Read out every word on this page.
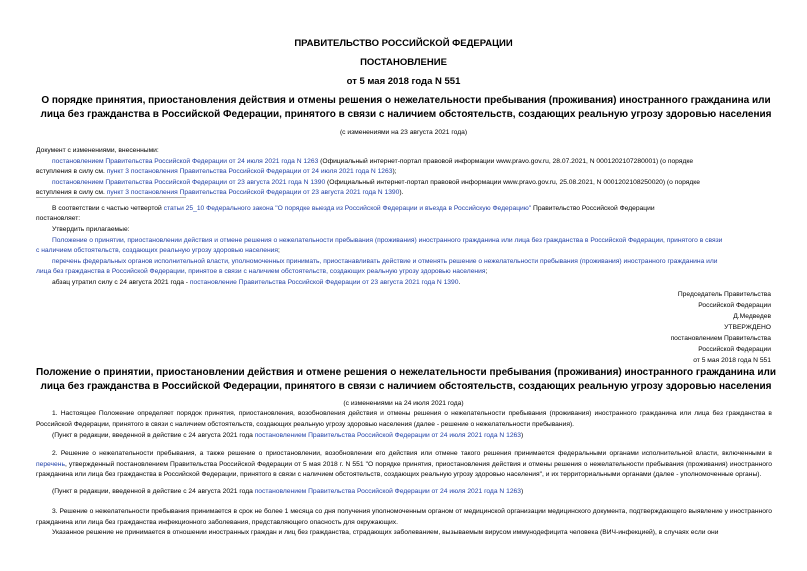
ПРАВИТЕЛЬСТВО РОССИЙСКОЙ ФЕДЕРАЦИИ
ПОСТАНОВЛЕНИЕ
от 5 мая 2018 года N 551
О порядке принятия, приостановления действия и отмены решения о нежелательности пребывания (проживания) иностранного гражданина или лица без гражданства в Российской Федерации, принятого в связи с наличием обстоятельств, создающих реальную угрозу здоровью населения
(с изменениями на 23 августа 2021 года)
Документ с изменениями, внесенными:
постановлением Правительства Российской Федерации от 24 июля 2021 года N 1263 (Официальный интернет-портал правовой информации www.pravo.gov.ru, 28.07.2021, N 0001202107280001) (о порядке
вступления в силу см. пункт 3 постановления Правительства Российской Федерации от 24 июля 2021 года N 1263);
постановлением Правительства Российской Федерации от 23 августа 2021 года N 1390 (Официальный интернет-портал правовой информации www.pravo.gov.ru, 25.08.2021, N 0001202108250020) (о порядке
вступления в силу см. пункт 3 постановления Правительства Российской Федерации от 23 августа 2021 года N 1390).
В соответствии с частью четвертой статьи 25_10 Федерального закона "О порядке выезда из Российской Федерации и въезда в Российскую Федерацию" Правительство Российской Федерации
постановляет:
Утвердить прилагаемые:
Положение о принятии, приостановлении действия и отмене решения о нежелательности пребывания (проживания) иностранного гражданина или лица без гражданства в Российской Федерации, принятого в связи
с наличием обстоятельств, создающих реальную угрозу здоровью населения;
перечень федеральных органов исполнительной власти, уполномоченных принимать, приостанавливать действие и отменять решение о нежелательности пребывания (проживания) иностранного гражданина или
лица без гражданства в Российской Федерации, принятое в связи с наличием обстоятельств, создающих реальную угрозу здоровью населения;
абзац утратил силу с 24 августа 2021 года - постановление Правительства Российской Федерации от 23 августа 2021 года N 1390.
Председатель Правительства
Российской Федерации
Д.Медведев
УТВЕРЖДЕНО
постановлением Правительства
Российской Федерации
от 5 мая 2018 года N 551
Положение о принятии, приостановлении действия и отмене решения о нежелательности пребывания (проживания) иностранного гражданина или лица без гражданства в Российской Федерации, принятого в связи с наличием обстоятельств, создающих реальную угрозу здоровью населения
(с изменениями на 24 июля 2021 года)
1. Настоящее Положение определяет порядок принятия, приостановления, возобновления действия и отмены решения о нежелательности пребывания (проживания) иностранного гражданина или лица без гражданства в Российской Федерации, принятого в связи с наличием обстоятельств, создающих реальную угрозу здоровью населения (далее - решение о нежелательности пребывания).
(Пункт в редакции, введенной в действие с 24 августа 2021 года постановлением Правительства Российской Федерации от 24 июля 2021 года N 1263)
2. Решение о нежелательности пребывания, а также решение о приостановлении, возобновлении его действия или отмене такого решения принимается федеральными органами исполнительной власти, включенными в перечень, утвержденный постановлением Правительства Российской Федерации от 5 мая 2018 г. N 551 "О порядке принятия, приостановления действия и отмены решения о нежелательности пребывания (проживания) иностранного гражданина или лица без гражданства в Российской Федерации, принятого в связи с наличием обстоятельств, создающих реальную угрозу здоровью населения", и их территориальными органами (далее - уполномоченные органы).
(Пункт в редакции, введенной в действие с 24 августа 2021 года постановлением Правительства Российской Федерации от 24 июля 2021 года N 1263)
3. Решение о нежелательности пребывания принимается в срок не более 1 месяца со дня получения уполномоченным органом от медицинской организации медицинского документа, подтверждающего выявление у иностранного гражданина или лица без гражданства инфекционного заболевания, представляющего опасность для окружающих.
Указанное решение не принимается в отношении иностранных граждан и лиц без гражданства, страдающих заболеванием, вызываемым вирусом иммунодефицита человека (ВИЧ-инфекцией), в случаях если они
